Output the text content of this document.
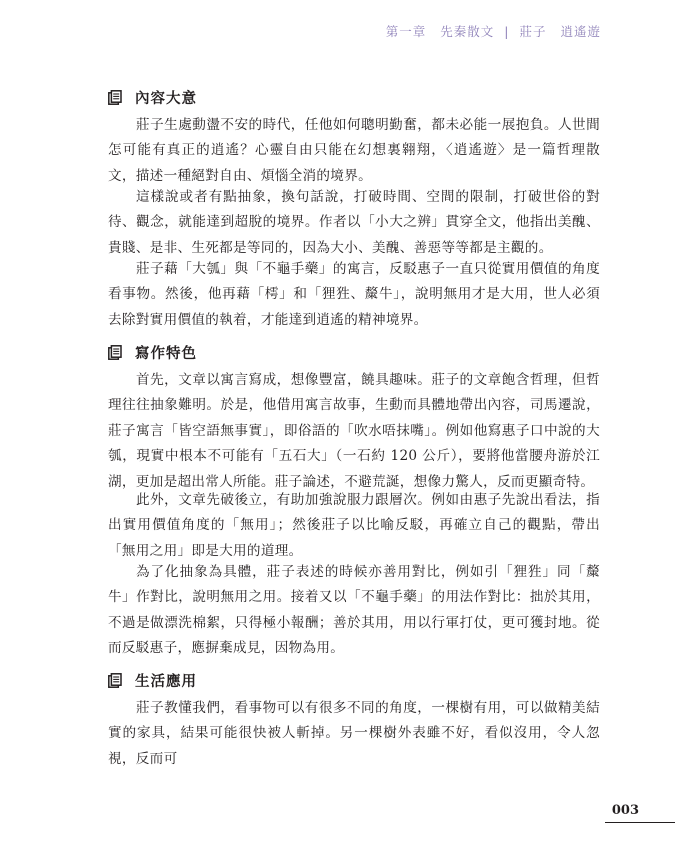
第一章 先秦散文 | 莊子 逍遙遊
內容大意

莊子生處動盪不安的時代，任他如何聰明勤奮，都未必能一展抱負。人世間怎可能有真正的逍遙？心靈自由只能在幻想裏翱翔，〈逍遙遊〉是一篇哲理散文，描述一種絕對自由、煩惱全消的境界。

這樣說或者有點抽象，換句話說，打破時間、空間的限制，打破世俗的對待、觀念，就能達到超脫的境界。作者以「小大之辨」貫穿全文，他指出美醜、貴賤、是非、生死都是等同的，因為大小、美醜、善惡等等都是主觀的。

莊子藉「大瓠」與「不龜手藥」的寓言，反駁惠子一直只從實用價值的角度看事物。然後，他再藉「樗」和「狸狌、斄牛」，說明無用才是大用，世人必須去除對實用價值的執着，才能達到逍遙的精神境界。

寫作特色

首先，文章以寓言寫成，想像豐富，饒具趣味。莊子的文章飽含哲理，但哲理往往抽象難明。於是，他借用寓言故事，生動而具體地帶出內容，司馬遷說，莊子寓言「皆空語無事實」，即俗語的「吹水唔抹嘴」。例如他寫惠子口中說的大瓠，現實中根本不可能有「五石大」（一石約 120 公斤），要將他當腰舟游於江湖，更加是超出常人所能。莊子論述，不避荒誕，想像力驚人，反而更顯奇特。

此外，文章先破後立，有助加強說服力跟層次。例如由惠子先說出看法，指出實用價值角度的「無用」；然後莊子以比喻反駁，再確立自己的觀點，帶出「無用之用」即是大用的道理。

為了化抽象為具體，莊子表述的時候亦善用對比，例如引「狸狌」同「斄牛」作對比，說明無用之用。接着又以「不龜手藥」的用法作對比：拙於其用，不過是做漂洗棉絮，只得極小報酬；善於其用，用以行軍打仗，更可獲封地。從而反駁惠子，應摒棄成見，因物為用。

生活應用

莊子教懂我們，看事物可以有很多不同的角度，一棵樹有用，可以做精美結實的家具，結果可能很快被人斬掉。另一棵樹外表雖不好，看似沒用，令人忽視，反而可

003
